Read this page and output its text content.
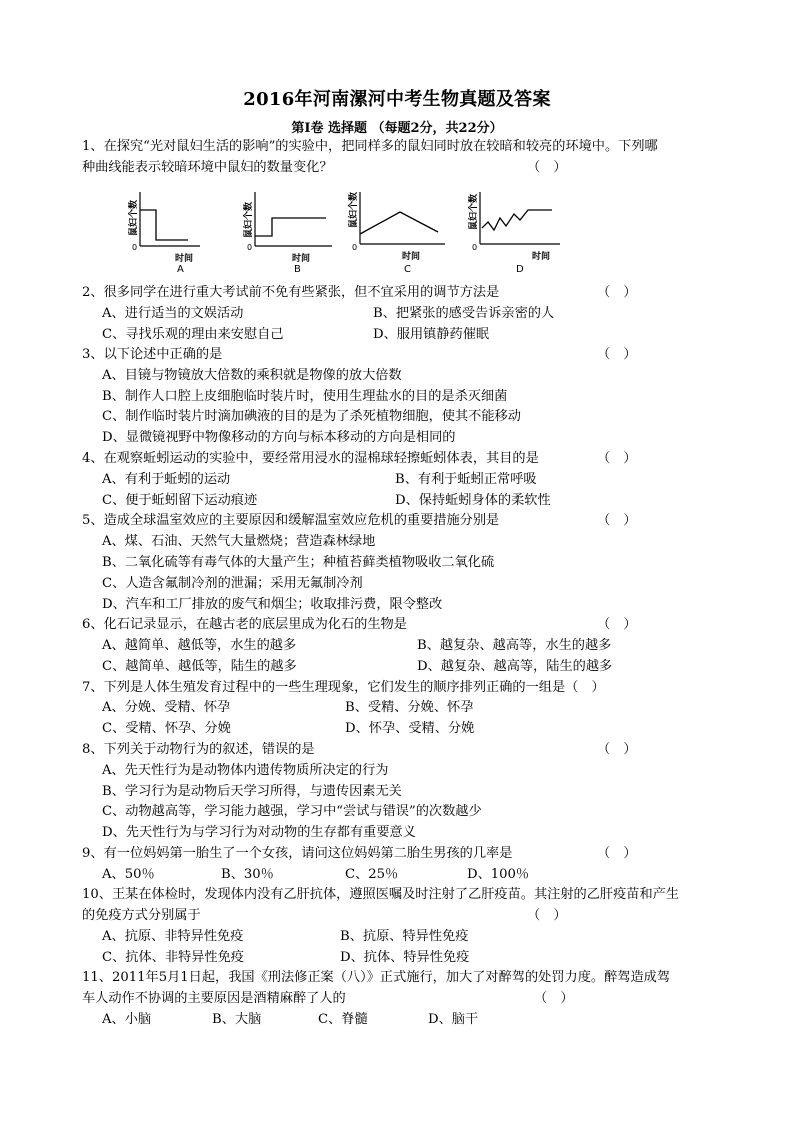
2016年河南漯河中考生物真题及答案
第Ⅰ卷 选择题 （每题2分，共22分）
1、在探究“光对鼠妇生活的影响”的实验中，把同样多的鼠妇同时放在较暗和较亮的环境中。下列哪
种曲线能表示较暗环境中鼠妇的数量变化？	（　）
0
时间
A
鼠妇个数
0
时间
B
鼠妇个数
0
时间
C
鼠妇个数
0
时间
D
鼠妇个数
2、很多同学在进行重大考试前不免有些紧张，但不宜采用的调节方法是	（　）
A、进行适当的文娱活动	B、把紧张的感受告诉亲密的人
C、寻找乐观的理由来安慰自己	D、服用镇静药催眠
3、以下论述中正确的是	（　）
A、目镜与物镜放大倍数的乘积就是物像的放大倍数
B、制作人口腔上皮细胞临时装片时，使用生理盐水的目的是杀灭细菌
C、制作临时装片时滴加碘液的目的是为了杀死植物细胞，使其不能移动
D、显微镜视野中物像移动的方向与标本移动的方向是相同的
4、在观察蚯蚓运动的实验中，要经常用浸水的湿棉球轻擦蚯蚓体表，其目的是	（　）
A、有利于蚯蚓的运动	B、有利于蚯蚓正常呼吸
C、便于蚯蚓留下运动痕迹	D、保持蚯蚓身体的柔软性
5、造成全球温室效应的主要原因和缓解温室效应危机的重要措施分别是	（　）
A、煤、石油、天然气大量燃烧；营造森林绿地
B、二氧化硫等有毒气体的大量产生；种植苔藓类植物吸收二氧化硫
C、人造含氟制冷剂的泄漏；采用无氟制冷剂
D、汽车和工厂排放的废气和烟尘；收取排污费，限令整改
6、化石记录显示，在越古老的底层里成为化石的生物是	（　）
A、越简单、越低等，水生的越多	B、越复杂、越高等，水生的越多
C、越简单、越低等，陆生的越多	D、越复杂、越高等，陆生的越多
7、下列是人体生殖发育过程中的一些生理现象，它们发生的顺序排列正确的一组是（　）
A、分娩、受精、怀孕	B、受精、分娩、怀孕
C、受精、怀孕、分娩	D、怀孕、受精、分娩
8、下列关于动物行为的叙述，错误的是	（　）
A、先天性行为是动物体内遗传物质所决定的行为
B、学习行为是动物后天学习所得，与遗传因素无关
C、动物越高等，学习能力越强，学习中“尝试与错误”的次数越少
D、先天性行为与学习行为对动物的生存都有重要意义
9、有一位妈妈第一胎生了一个女孩，请问这位妈妈第二胎生男孩的几率是	（　）
A、50％	B、30％	C、25％	D、100％
10、王某在体检时，发现体内没有乙肝抗体，遵照医嘱及时注射了乙肝疫苗。其注射的乙肝疫苗和产生
的免疫方式分别属于	（　）
A、抗原、非特异性免疫	B、抗原、特异性免疫
C、抗体、非特异性免疫	D、抗体、特异性免疫
11、2011年5月1日起，我国《刑法修正案（八）》正式施行，加大了对醉驾的处罚力度。醉驾造成驾
车人动作不协调的主要原因是酒精麻醉了人的	（　）
A、小脑	B、大脑	C、脊髓	D、脑干
